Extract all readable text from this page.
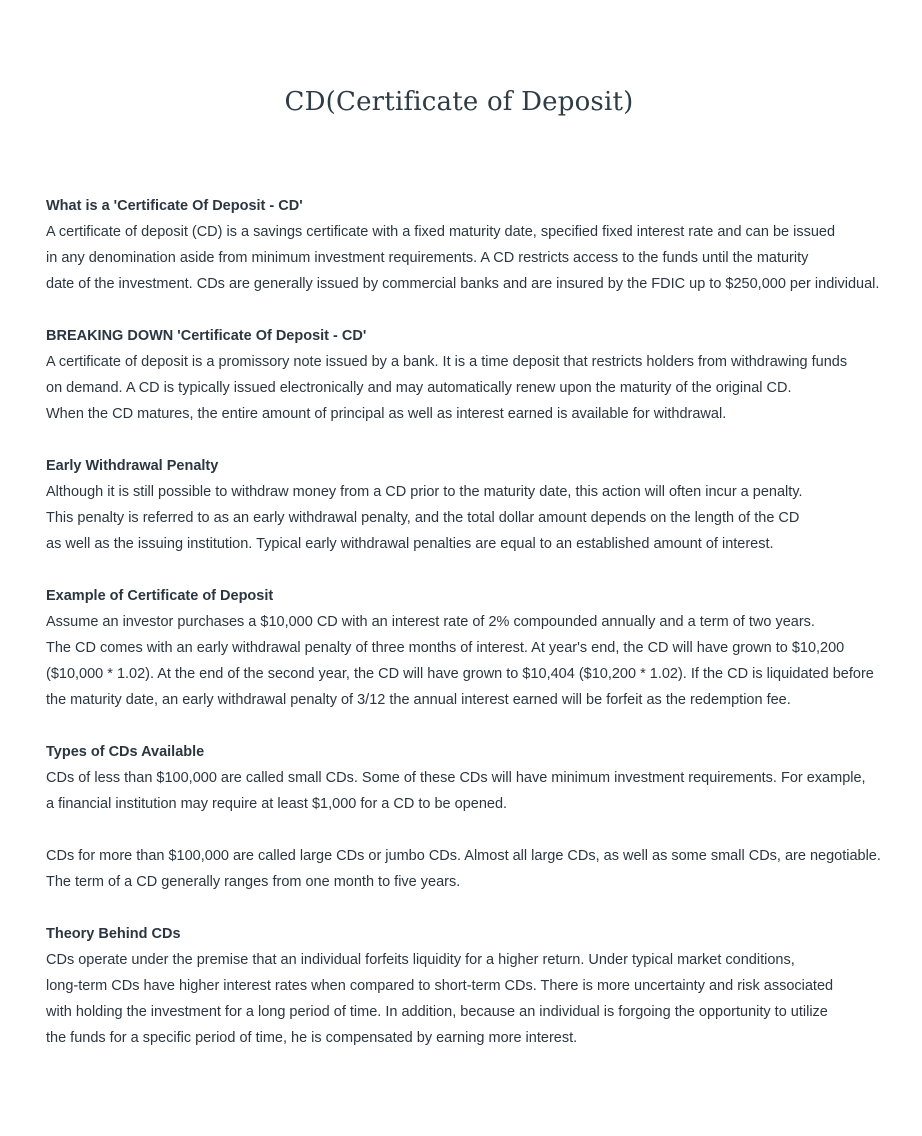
CD(Certificate of Deposit)

What is a 'Certificate Of Deposit - CD'

A certificate of deposit (CD) is a savings certificate with a fixed maturity date, specified fixed interest rate and can be issued

in any denomination aside from minimum investment requirements. A CD restricts access to the funds until the maturity

date of the investment. CDs are generally issued by commercial banks and are insured by the FDIC up to $250,000 per individual.

BREAKING DOWN 'Certificate Of Deposit - CD'

A certificate of deposit is a promissory note issued by a bank. It is a time deposit that restricts holders from withdrawing funds

on demand. A CD is typically issued electronically and may automatically renew upon the maturity of the original CD.

When the CD matures, the entire amount of principal as well as interest earned is available for withdrawal.

Early Withdrawal Penalty

Although it is still possible to withdraw money from a CD prior to the maturity date, this action will often incur a penalty.

This penalty is referred to as an early withdrawal penalty, and the total dollar amount depends on the length of the CD

as well as the issuing institution. Typical early withdrawal penalties are equal to an established amount of interest.

Example of Certificate of Deposit

Assume an investor purchases a $10,000 CD with an interest rate of 2% compounded annually and a term of two years.

The CD comes with an early withdrawal penalty of three months of interest. At year's end, the CD will have grown to $10,200

($10,000 * 1.02). At the end of the second year, the CD will have grown to $10,404 ($10,200 * 1.02). If the CD is liquidated before

the maturity date, an early withdrawal penalty of 3/12 the annual interest earned will be forfeit as the redemption fee.

Types of CDs Available

CDs of less than $100,000 are called small CDs. Some of these CDs will have minimum investment requirements. For example,

a financial institution may require at least $1,000 for a CD to be opened.

CDs for more than $100,000 are called large CDs or jumbo CDs. Almost all large CDs, as well as some small CDs, are negotiable.

The term of a CD generally ranges from one month to five years.

Theory Behind CDs

CDs operate under the premise that an individual forfeits liquidity for a higher return. Under typical market conditions,

long-term CDs have higher interest rates when compared to short-term CDs. There is more uncertainty and risk associated

with holding the investment for a long period of time. In addition, because an individual is forgoing the opportunity to utilize

the funds for a specific period of time, he is compensated by earning more interest.
